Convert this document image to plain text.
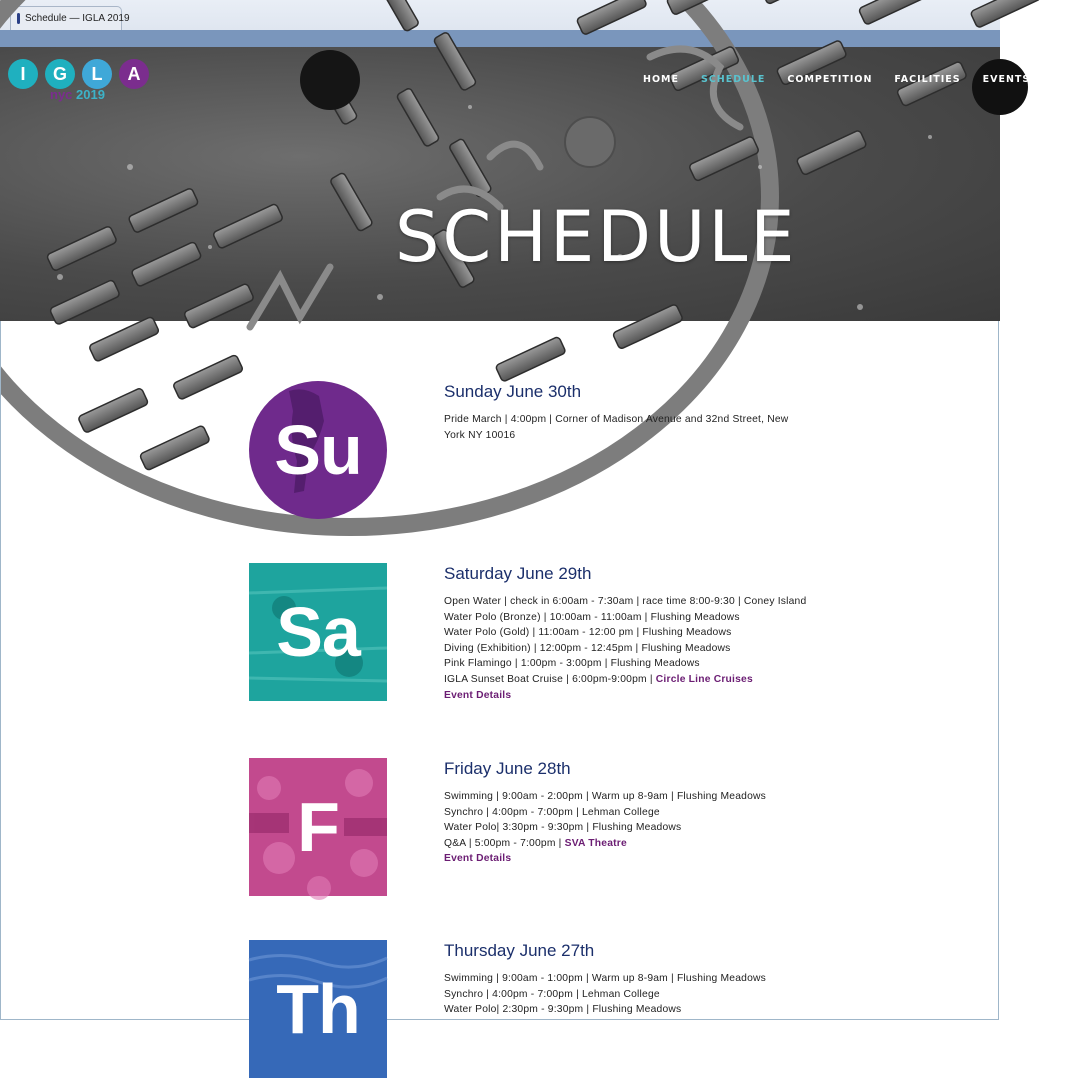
Schedule — IGLA 2019
I	G	L	A
nyc 2019
HOME SCHEDULE COMPETITION FACILITIES EVENTS LO
SCHEDULE
Su
Sunday June 30th
Pride March | 4:00pm | Corner of Madison Avenue and 32nd Street, New York NY 10016
Sa
Saturday June 29th
Open Water | check in 6:00am - 7:30am | race time 8:00-9:30 | Coney Island
Water Polo (Bronze) | 10:00am - 11:00am | Flushing Meadows
Water Polo (Gold) | 11:00am - 12:00 pm | Flushing Meadows
Diving (Exhibition) | 12:00pm - 12:45pm | Flushing Meadows
Pink Flamingo | 1:00pm - 3:00pm | Flushing Meadows
IGLA Sunset Boat Cruise | 6:00pm-9:00pm | Circle Line Cruises
Event Details
F
Friday June 28th
Swimming | 9:00am - 2:00pm | Warm up 8-9am | Flushing Meadows
Synchro | 4:00pm - 7:00pm | Lehman College
Water Polo| 3:30pm - 9:30pm | Flushing Meadows
Q&A | 5:00pm - 7:00pm | SVA Theatre
Event Details
Th
Thursday June 27th
Swimming | 9:00am - 1:00pm | Warm up 8-9am | Flushing Meadows
Synchro | 4:00pm - 7:00pm | Lehman College
Water Polo| 2:30pm - 9:30pm | Flushing Meadows
